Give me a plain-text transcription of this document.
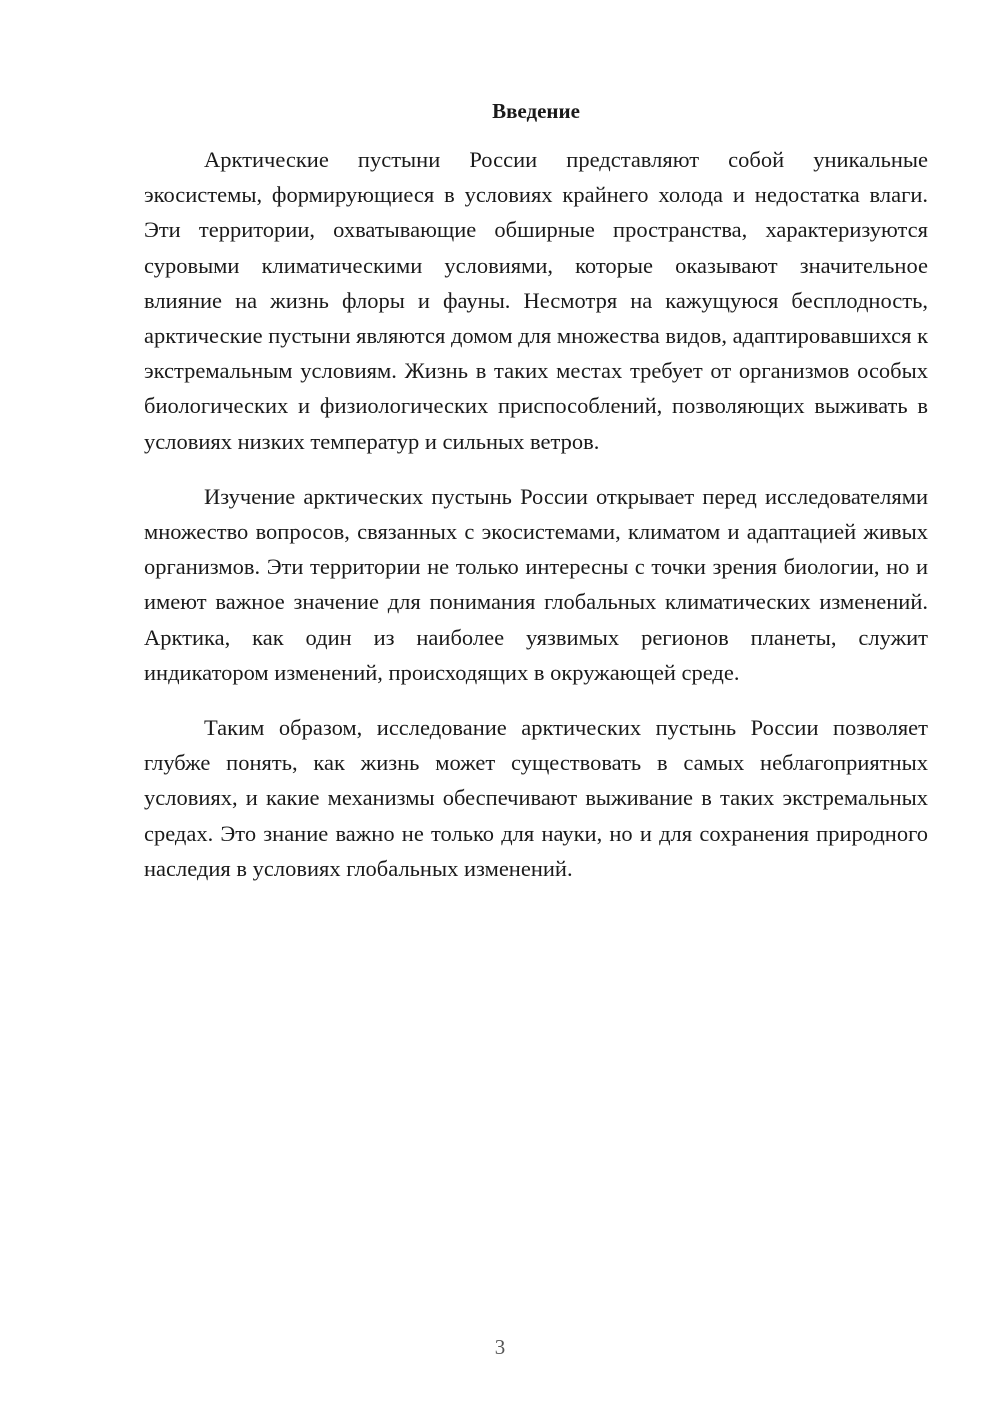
Введение

Арктические пустыни России представляют собой уникальные экосистемы, формирующиеся в условиях крайнего холода и недостатка влаги. Эти территории, охватывающие обширные пространства, характеризуются суровыми климатическими условиями, которые оказывают значительное влияние на жизнь флоры и фауны. Несмотря на кажущуюся бесплодность, арктические пустыни являются домом для множества видов, адаптировавшихся к экстремальным условиям. Жизнь в таких местах требует от организмов особых биологических и физиологических приспособлений, позволяющих выживать в условиях низких температур и сильных ветров.

Изучение арктических пустынь России открывает перед исследователями множество вопросов, связанных с экосистемами, климатом и адаптацией живых организмов. Эти территории не только интересны с точки зрения биологии, но и имеют важное значение для понимания глобальных климатических изменений. Арктика, как один из наиболее уязвимых регионов планеты, служит индикатором изменений, происходящих в окружающей среде.

Таким образом, исследование арктических пустынь России позволяет глубже понять, как жизнь может существовать в самых неблагоприятных условиях, и какие механизмы обеспечивают выживание в таких экстремальных средах. Это знание важно не только для науки, но и для сохранения природного наследия в условиях глобальных изменений.

3
